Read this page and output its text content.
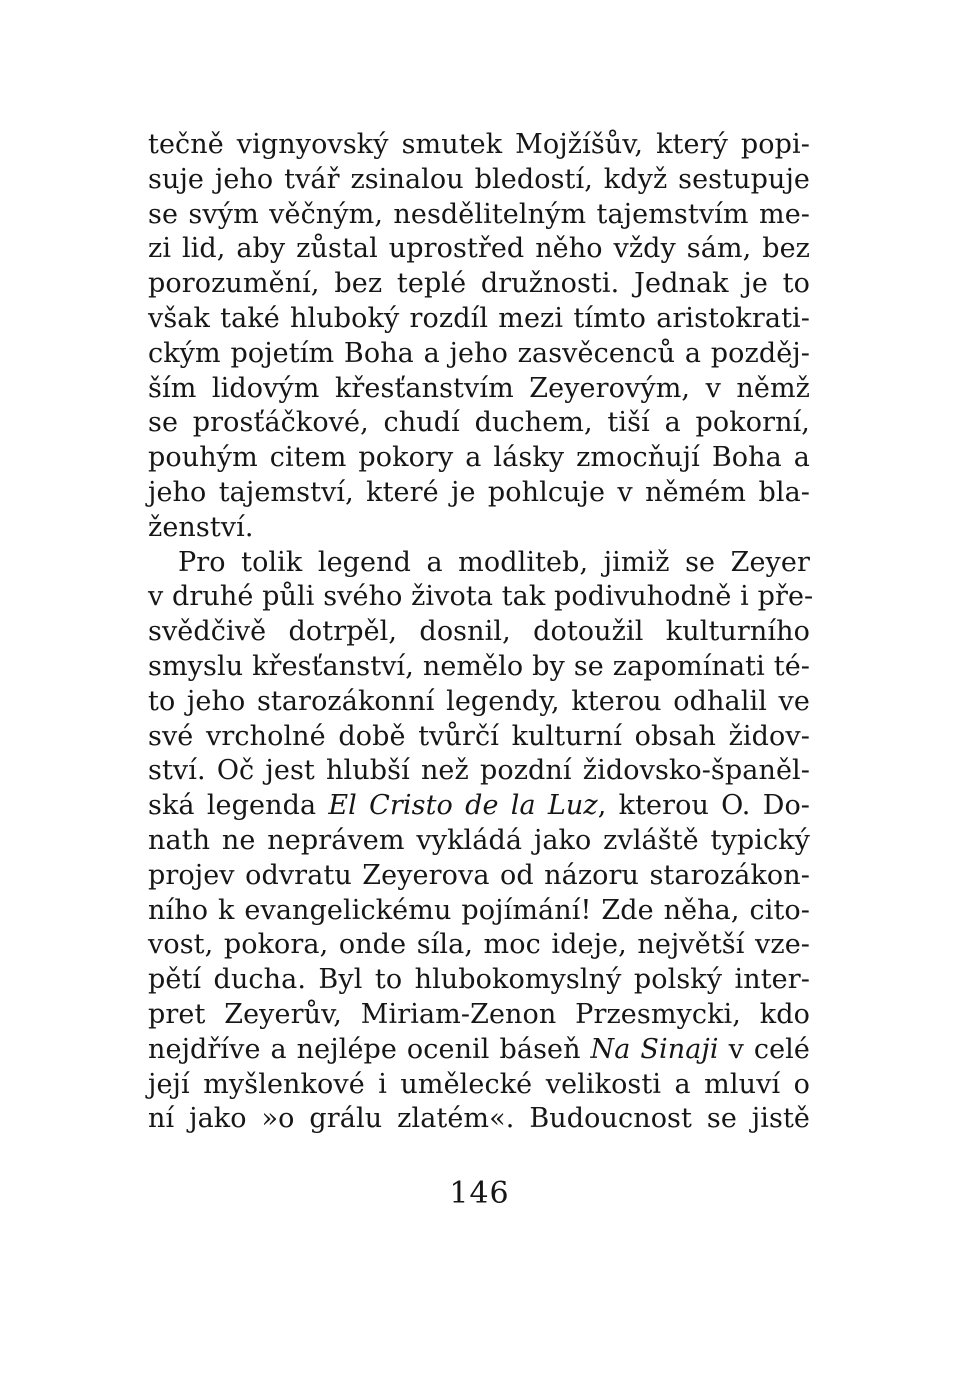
tečně vignyovský smutek Mojžíšův, který popi-
suje jeho tvář zsinalou bledostí, když sestupuje
se svým věčným, nesdělitelným tajemstvím me-
zi lid, aby zůstal uprostřed něho vždy sám, bez
porozumění, bez teplé družnosti. Jednak je to
však také hluboký rozdíl mezi tímto aristokrati-
ckým pojetím Boha a jeho zasvěcenců a pozděj-
ším lidovým křesťanstvím Zeyerovým, v němž
se prosťáčkové, chudí duchem, tiší a pokorní,
pouhým citem pokory a lásky zmocňují Boha a
jeho tajemství, které je pohlcuje v němém bla-
ženství.
Pro tolik legend a modliteb, jimiž se Zeyer
v druhé půli svého života tak podivuhodně i pře-
svědčivě dotrpěl, dosnil, dotoužil kulturního
smyslu křesťanství, nemělo by se zapomínati té-
to jeho starozákonní legendy, kterou odhalil ve
své vrcholné době tvůrčí kulturní obsah židov-
ství. Oč jest hlubší než pozdní židovsko-španěl-
ská legenda El Cristo de la Luz, kterou O. Do-
nath ne neprávem vykládá jako zvláště typický
projev odvratu Zeyerova od názoru starozákon-
ního k evangelickému pojímání! Zde něha, cito-
vost, pokora, onde síla, moc ideje, největší vze-
pětí ducha. Byl to hlubokomyslný polský inter-
pret Zeyerův, Miriam-Zenon Przesmycki, kdo
nejdříve a nejlépe ocenil báseň Na Sinaji v celé
její myšlenkové i umělecké velikosti a mluví o
ní jako »o grálu zlatém«. Budoucnost se jistě
146
